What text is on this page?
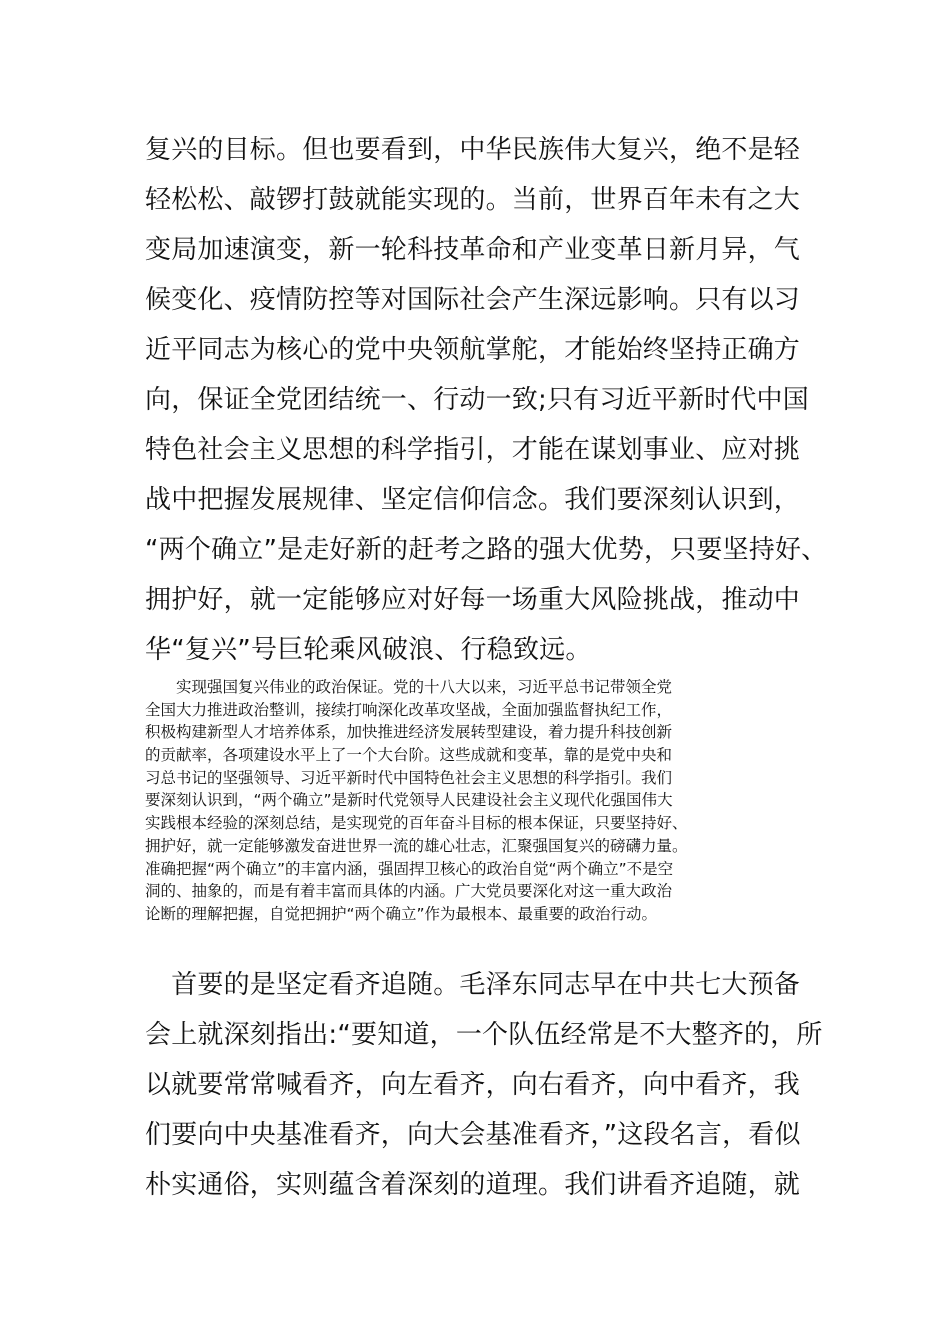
复兴的目标。但也要看到，中华民族伟大复兴，绝不是轻
轻松松、敲锣打鼓就能实现的。当前，世界百年未有之大
变局加速演变，新一轮科技革命和产业变革日新月异，气
候变化、疫情防控等对国际社会产生深远影响。只有以习
近平同志为核心的党中央领航掌舵，才能始终坚持正确方
向，保证全党团结统一、行动一致;只有习近平新时代中国
特色社会主义思想的科学指引，才能在谋划事业、应对挑
战中把握发展规律、坚定信仰信念。我们要深刻认识到，
“两个确立”是走好新的赶考之路的强大优势，只要坚持好、
拥护好，就一定能够应对好每一场重大风险挑战，推动中
华“复兴”号巨轮乘风破浪、行稳致远。
　　实现强国复兴伟业的政治保证。党的十八大以来，习近平总书记带领全党
全国大力推进政治整训，接续打响深化改革攻坚战，全面加强监督执纪工作，
积极构建新型人才培养体系，加快推进经济发展转型建设，着力提升科技创新
的贡献率，各项建设水平上了一个大台阶。这些成就和变革，靠的是党中央和
习总书记的坚强领导、习近平新时代中国特色社会主义思想的科学指引。我们
要深刻认识到，“两个确立”是新时代党领导人民建设社会主义现代化强国伟大
实践根本经验的深刻总结，是实现党的百年奋斗目标的根本保证，只要坚持好、
拥护好，就一定能够激发奋进世界一流的雄心壮志，汇聚强国复兴的磅礴力量。
准确把握“两个确立”的丰富内涵，强固捍卫核心的政治自觉“两个确立”不是空
洞的、抽象的，而是有着丰富而具体的内涵。广大党员要深化对这一重大政治
论断的理解把握，自觉把拥护“两个确立”作为最根本、最重要的政治行动。
　首要的是坚定看齐追随。毛泽东同志早在中共七大预备
会上就深刻指出:“要知道，一个队伍经常是不大整齐的，所
以就要常常喊看齐，向左看齐，向右看齐，向中看齐，我
们要向中央基准看齐，向大会基准看齐，”这段名言，看似
朴实通俗，实则蕴含着深刻的道理。我们讲看齐追随，就
